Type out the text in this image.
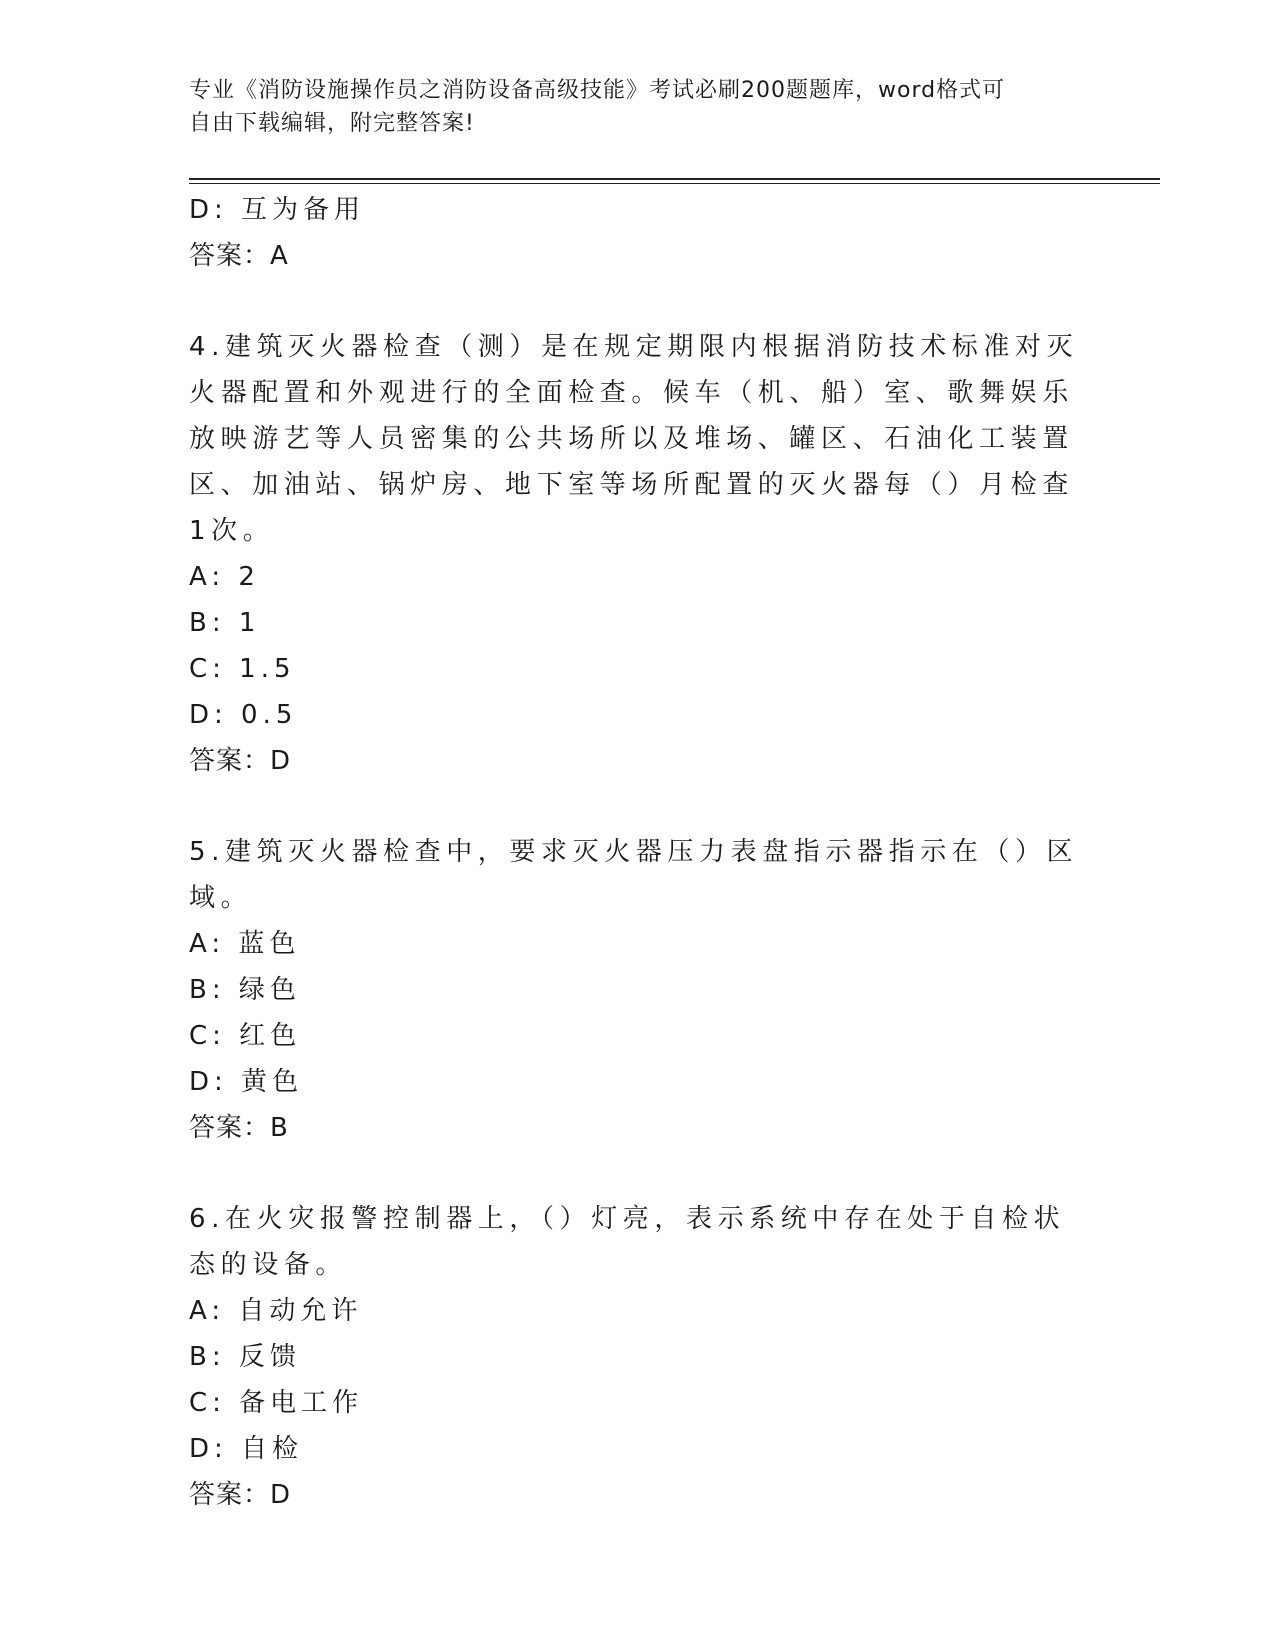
专业《消防设施操作员之消防设备高级技能》考试必刷200题题库，word格式可
自由下载编辑，附完整答案!
D: 互为备用
答案：A
4.建筑灭火器检查（测）是在规定期限内根据消防技术标准对灭火器配置和外观进行的全面检查。候车（机、船）室、歌舞娱乐放映游艺等人员密集的公共场所以及堆场、罐区、石油化工装置区、加油站、锅炉房、地下室等场所配置的灭火器每（）月检查1次。
A: 2
B: 1
C: 1.5
D: 0.5
答案：D
5.建筑灭火器检查中，要求灭火器压力表盘指示器指示在（）区域。
A: 蓝色
B: 绿色
C: 红色
D: 黄色
答案：B
6.在火灾报警控制器上，（）灯亮，表示系统中存在处于自检状态的设备。
A: 自动允许
B: 反馈
C: 备电工作
D: 自检
答案：D
